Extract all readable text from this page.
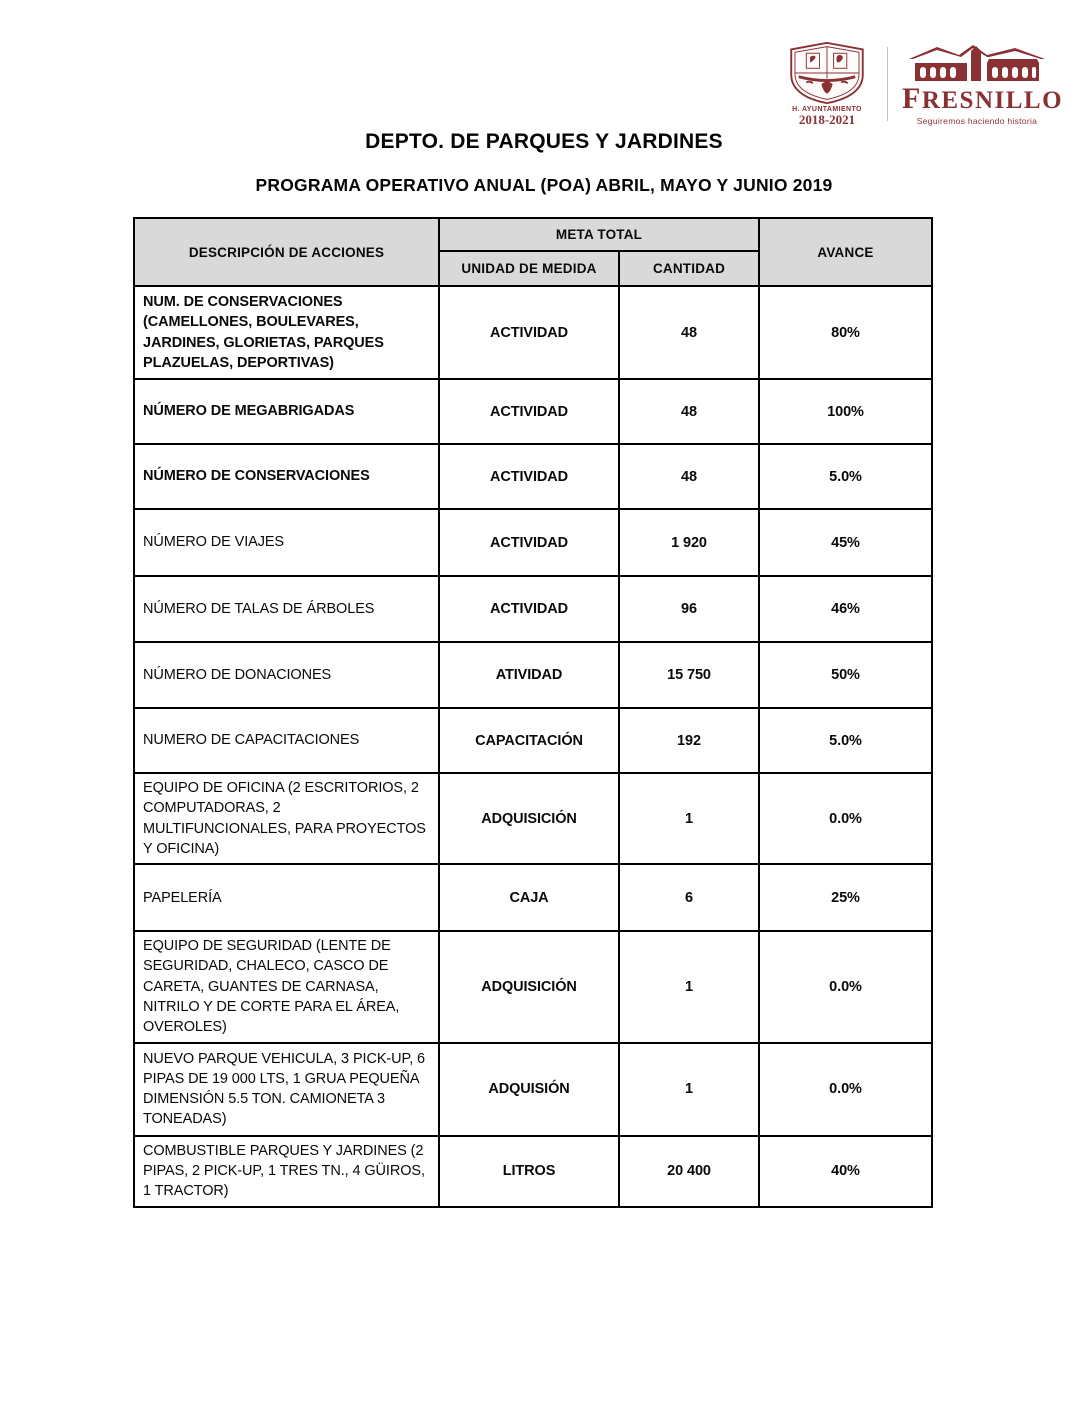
H. AYUNTAMIENTO
2018-2021
FRESNILLO
Seguiremos haciendo historia
DEPTO. DE PARQUES Y JARDINES
PROGRAMA OPERATIVO ANUAL (POA) ABRIL, MAYO Y JUNIO 2019
DESCRIPCIÓN DE ACCIONES	META TOTAL		AVANCE
	UNIDAD DE MEDIDA	CANTIDAD	
NUM. DE CONSERVACIONES (CAMELLONES, BOULEVARES, JARDINES, GLORIETAS, PARQUES PLAZUELAS, DEPORTIVAS)	ACTIVIDAD	48	80%
NÚMERO DE MEGABRIGADAS	ACTIVIDAD	48	100%
NÚMERO DE CONSERVACIONES	ACTIVIDAD	48	5.0%
NÚMERO DE VIAJES	ACTIVIDAD	1 920	45%
NÚMERO DE TALAS DE ÁRBOLES	ACTIVIDAD	96	46%
NÚMERO DE DONACIONES	ATIVIDAD	15 750	50%
NUMERO DE CAPACITACIONES	CAPACITACIÓN	192	5.0%
EQUIPO DE OFICINA (2 ESCRITORIOS, 2 COMPUTADORAS, 2 MULTIFUNCIONALES, PARA PROYECTOS Y OFICINA)	ADQUISICIÓN	1	0.0%
PAPELERÍA	CAJA	6	25%
EQUIPO DE SEGURIDAD (LENTE DE SEGURIDAD, CHALECO, CASCO DE CARETA, GUANTES DE CARNASA, NITRILO Y DE CORTE PARA EL ÁREA, OVEROLES)	ADQUISICIÓN	1	0.0%
NUEVO PARQUE VEHICULA, 3 PICK-UP, 6 PIPAS DE 19 000 LTS, 1 GRUA PEQUEÑA DIMENSIÓN 5.5 TON. CAMIONETA 3 TONEADAS)	ADQUISIÓN	1	0.0%
COMBUSTIBLE PARQUES Y JARDINES (2 PIPAS, 2 PICK-UP, 1 TRES TN., 4 GÜIROS, 1 TRACTOR)	LITROS	20 400	40%
